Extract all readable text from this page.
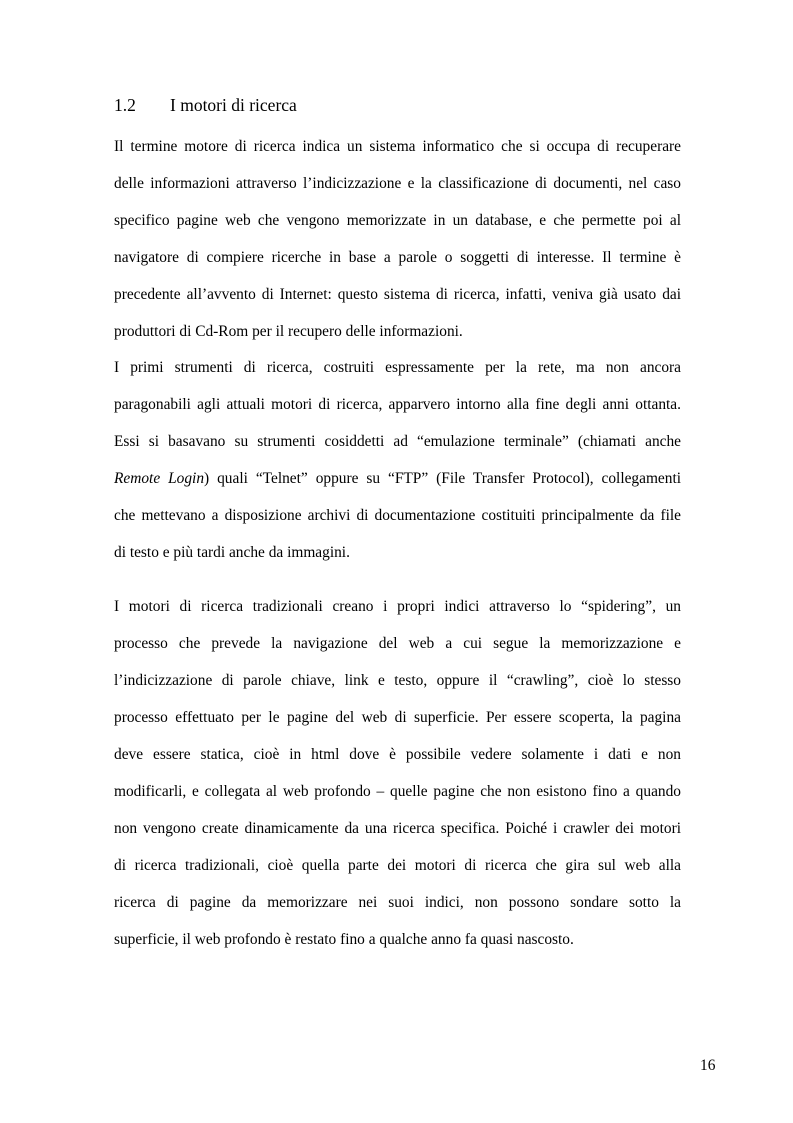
1.2 I motori di ricerca
Il termine motore di ricerca indica un sistema informatico che si occupa di recuperare
delle informazioni attraverso l’indicizzazione e la classificazione di documenti, nel caso
specifico pagine web che vengono memorizzate in un database, e che permette poi al
navigatore di compiere ricerche in base a parole o soggetti di interesse. Il termine è
precedente all’avvento di Internet: questo sistema di ricerca, infatti, veniva già usato dai
produttori di Cd-Rom per il recupero delle informazioni.
I primi strumenti di ricerca, costruiti espressamente per la rete, ma non ancora
paragonabili agli attuali motori di ricerca, apparvero intorno alla fine degli anni ottanta.
Essi si basavano su strumenti cosiddetti ad “emulazione terminale” (chiamati anche
Remote Login) quali “Telnet” oppure su “FTP” (File Transfer Protocol), collegamenti
che mettevano a disposizione archivi di documentazione costituiti principalmente da file
di testo e più tardi anche da immagini.
I motori di ricerca tradizionali creano i propri indici attraverso lo “spidering”, un
processo che prevede la navigazione del web a cui segue la memorizzazione e
l’indicizzazione di parole chiave, link e testo, oppure il “crawling”, cioè lo stesso
processo effettuato per le pagine del web di superficie. Per essere scoperta, la pagina
deve essere statica, cioè in html dove è possibile vedere solamente i dati e non
modificarli, e collegata al web profondo – quelle pagine che non esistono fino a quando
non vengono create dinamicamente da una ricerca specifica. Poiché i crawler dei motori
di ricerca tradizionali, cioè quella parte dei motori di ricerca che gira sul web alla
ricerca di pagine da memorizzare nei suoi indici, non possono sondare sotto la
superficie, il web profondo è restato fino a qualche anno fa quasi nascosto.
16
